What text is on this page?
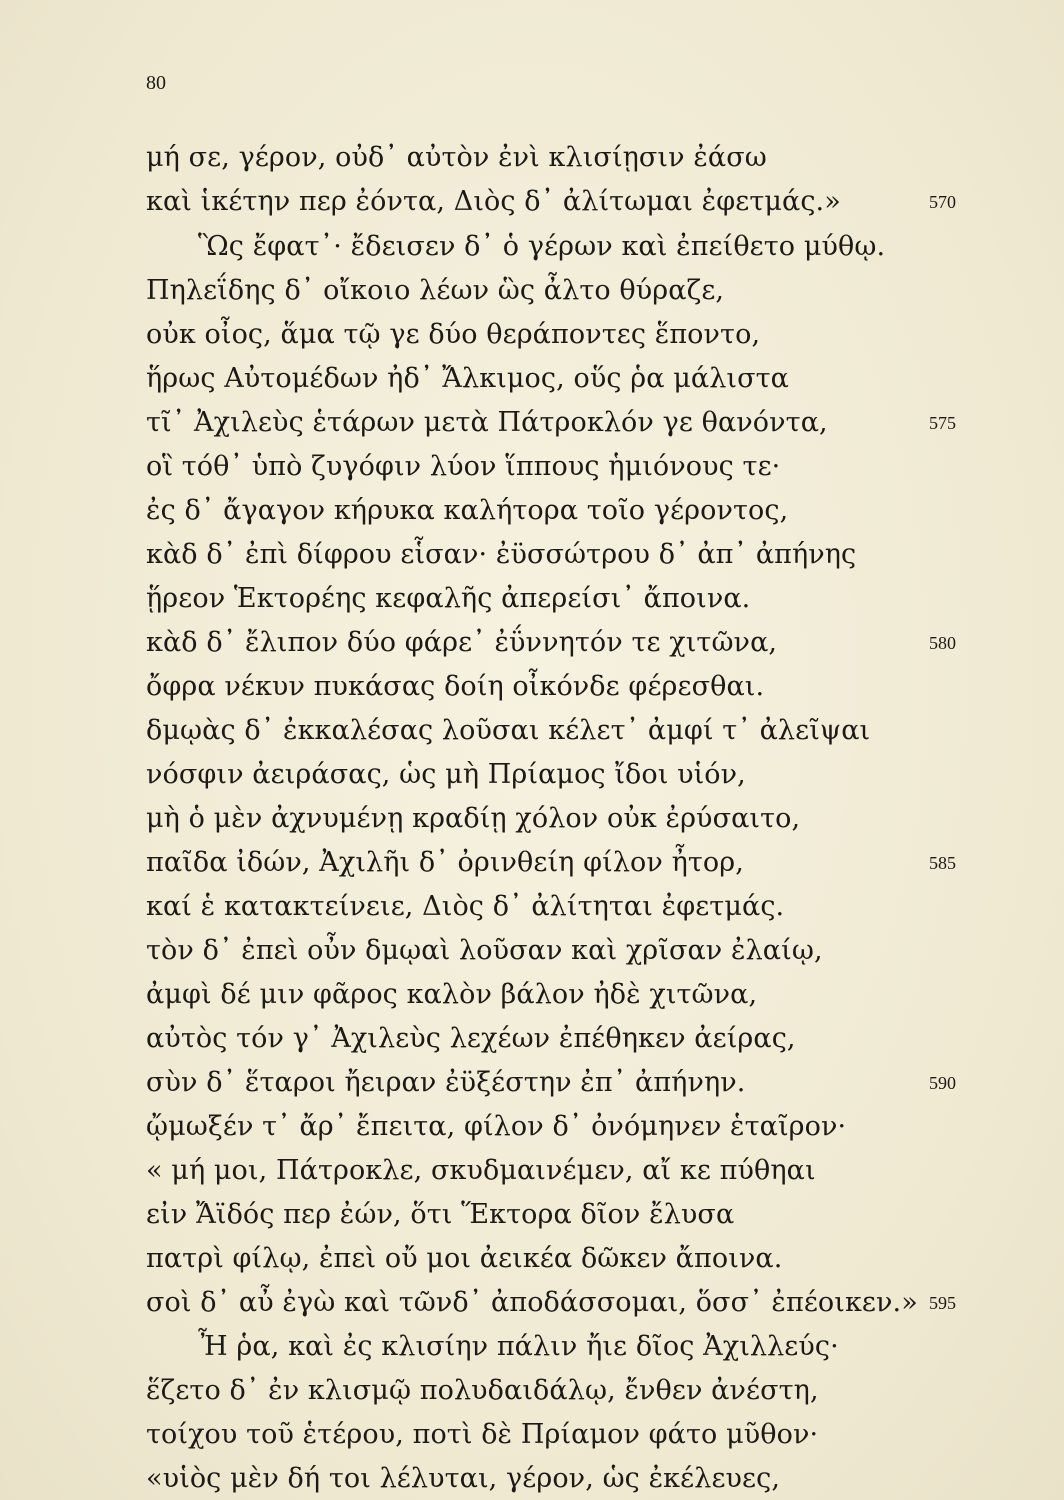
80
μή σε, γέρον, οὐδ᾽ αὐτὸν ἐνὶ κλισίῃσιν ἐάσω
καὶ ἱκέτην περ ἐόντα, Διὸς δ᾽ ἀλίτωμαι ἐφετμάς.»	570
Ὣς ἔφατ᾽· ἔδεισεν δ᾽ ὁ γέρων καὶ ἐπείθετο μύθῳ.
Πηλεΐδης δ᾽ οἴκοιο λέων ὣς ἆλτο θύραζε,
οὐκ οἶος, ἅμα τῷ γε δύο θεράποντες ἕποντο,
ἥρως Αὐτομέδων ἠδ᾽ Ἄλκιμος, οὕς ῥα μάλιστα
τῖ᾽ Ἀχιλεὺς ἑτάρων μετὰ Πάτροκλόν γε θανόντα,	575
οἳ τόθ᾽ ὑπὸ ζυγόφιν λύον ἵππους ἡμιόνους τε·
ἐς δ᾽ ἄγαγον κήρυκα καλήτορα τοῖο γέροντος,
κὰδ δ᾽ ἐπὶ δίφρου εἷσαν· ἐϋσσώτρου δ᾽ ἀπ᾽ ἀπήνης
ᾕρεον Ἑκτορέης κεφαλῆς ἀπερείσι᾽ ἄποινα.
κὰδ δ᾽ ἔλιπον δύο φάρε᾽ ἐΰννητόν τε χιτῶνα,	580
ὄφρα νέκυν πυκάσας δοίη οἶκόνδε φέρεσθαι.
δμῳὰς δ᾽ ἐκκαλέσας λοῦσαι κέλετ᾽ ἀμφί τ᾽ ἀλεῖψαι
νόσφιν ἀειράσας, ὡς μὴ Πρίαμος ἴδοι υἱόν,
μὴ ὁ μὲν ἀχνυμένῃ κραδίῃ χόλον οὐκ ἐρύσαιτο,
παῖδα ἰδών, Ἀχιλῆι δ᾽ ὀρινθείη φίλον ἦτορ,	585
καί ἑ κατακτείνειε, Διὸς δ᾽ ἀλίτηται ἐφετμάς.
τὸν δ᾽ ἐπεὶ οὖν δμῳαὶ λοῦσαν καὶ χρῖσαν ἐλαίῳ,
ἀμφὶ δέ μιν φᾶρος καλὸν βάλον ἠδὲ χιτῶνα,
αὐτὸς τόν γ᾽ Ἀχιλεὺς λεχέων ἐπέθηκεν ἀείρας,
σὺν δ᾽ ἕταροι ἤειραν ἐϋξέστην ἐπ᾽ ἀπήνην.	590
ᾤμωξέν τ᾽ ἄρ᾽ ἔπειτα, φίλον δ᾽ ὀνόμηνεν ἑταῖρον·
« μή μοι, Πάτροκλε, σκυδμαινέμεν, αἴ κε πύθηαι
εἰν Ἄϊδός περ ἐών, ὅτι Ἕκτορα δῖον ἔλυσα
πατρὶ φίλῳ, ἐπεὶ οὔ μοι ἀεικέα δῶκεν ἄποινα.
σοὶ δ᾽ αὖ ἐγὼ καὶ τῶνδ᾽ ἀποδάσσομαι, ὅσσ᾽ ἐπέοικεν.» 595
Ἦ ῥα, καὶ ἐς κλισίην πάλιν ἤιε δῖος Ἀχιλλεύς·
ἕζετο δ᾽ ἐν κλισμῷ πολυδαιδάλῳ, ἔνθεν ἀνέστη,
τοίχου τοῦ ἑτέρου, ποτὶ δὲ Πρίαμον φάτο μῦθον·
«υἱὸς μὲν δή τοι λέλυται, γέρον, ὡς ἐκέλευες,
